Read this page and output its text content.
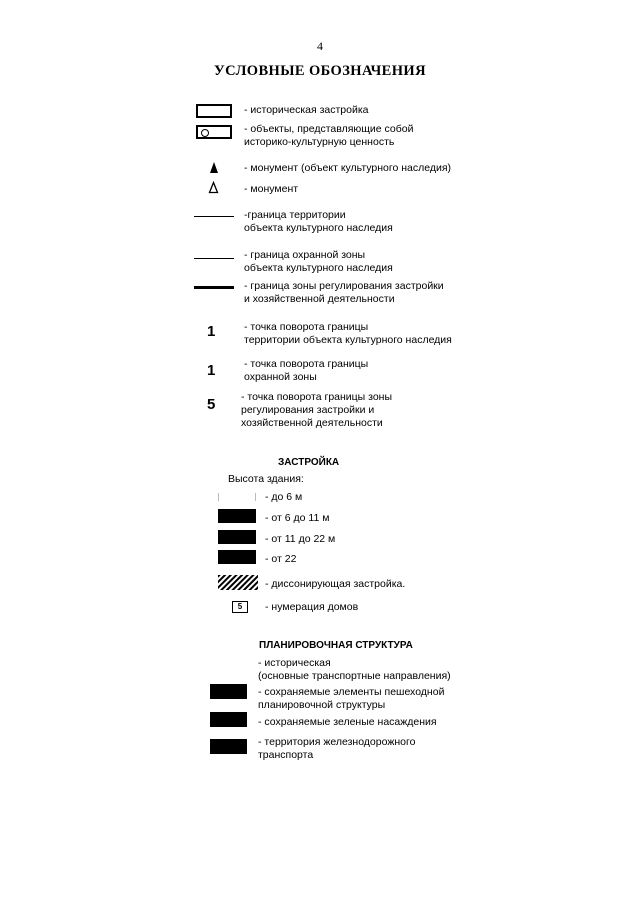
4
УСЛОВНЫЕ ОБОЗНАЧЕНИЯ
- историческая застройка
- объекты, представляющие собой
историко-культурную ценность
- монумент (объект культурного наследия)
- монумент
-граница территории
объекта культурного наследия
- граница охранной зоны
объекта культурного наследия
- граница зоны регулирования застройки
и хозяйственной деятельности
1	- точка поворота границы
территории объекта культурного наследия
1	- точка поворота границы
охранной зоны
5 - точка поворота границы зоны
регулирования застройки и
хозяйственной деятельности
ЗАСТРОЙКА
Высота здания:
- до 6 м
- от 6 до 11 м
- от 11 до 22 м
- от 22
- диссонирующая застройка.
5	- нумерация домов
ПЛАНИРОВОЧНАЯ СТРУКТУРА
- историческая
(основные транспортные направления)
- сохраняемые элементы пешеходной
планировочной структуры
- сохраняемые зеленые насаждения
- территория железнодорожного
транспорта
